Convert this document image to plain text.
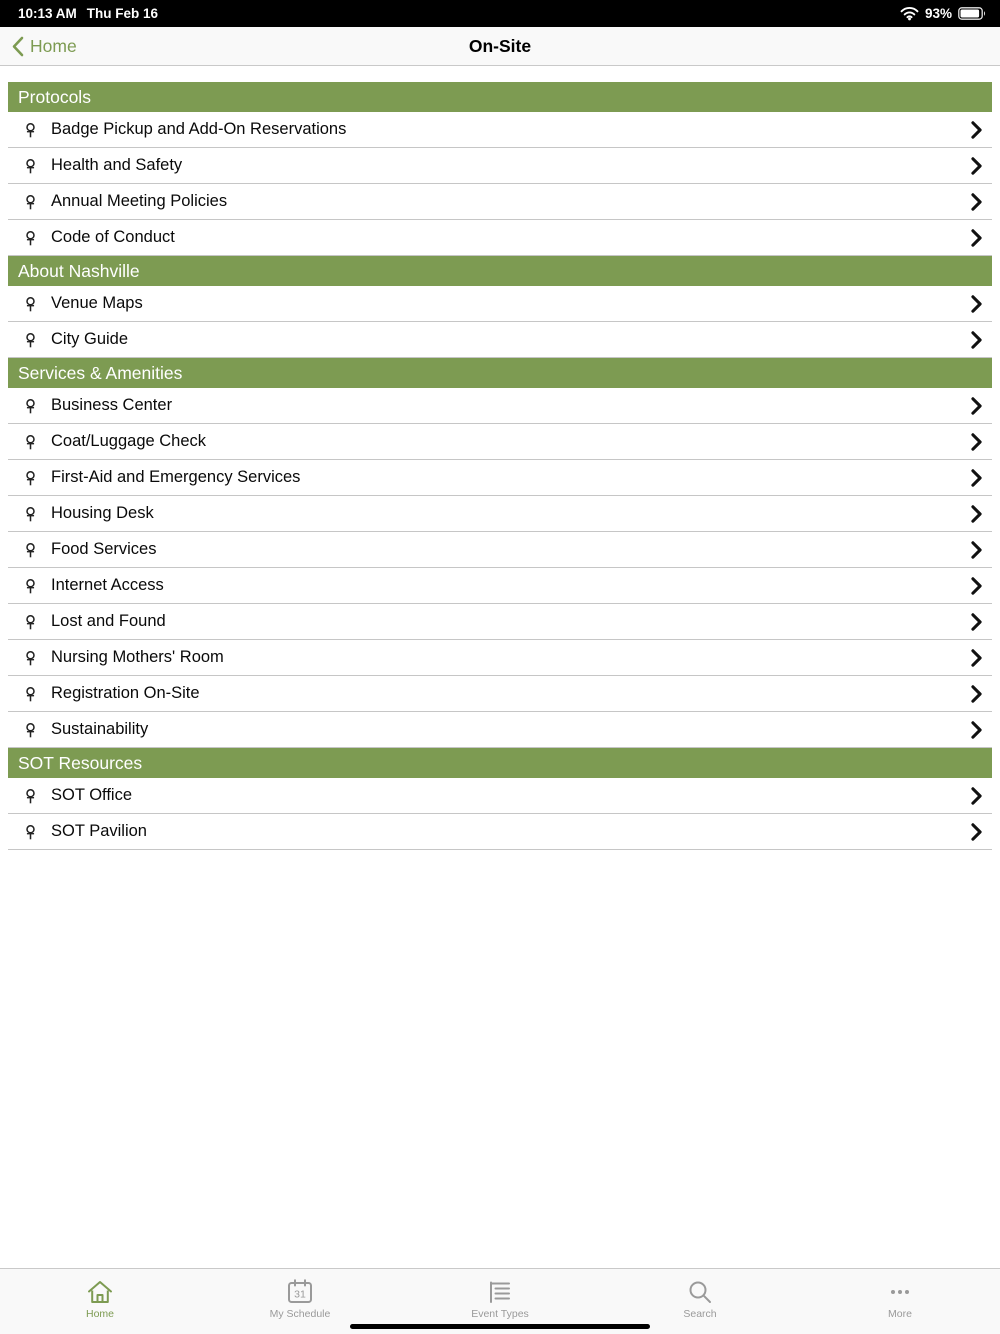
10:13 AM Thu Feb 16	93%
Home	On-Site
Protocols
Badge Pickup and Add-On Reservations
Health and Safety
Annual Meeting Policies
Code of Conduct
About Nashville
Venue Maps
City Guide
Services & Amenities
Business Center
Coat/Luggage Check
First-Aid and Emergency Services
Housing Desk
Food Services
Internet Access
Lost and Found
Nursing Mothers' Room
Registration On-Site
Sustainability
SOT Resources
SOT Office
SOT Pavilion
Home
31
My Schedule	Event Types	Search	More
